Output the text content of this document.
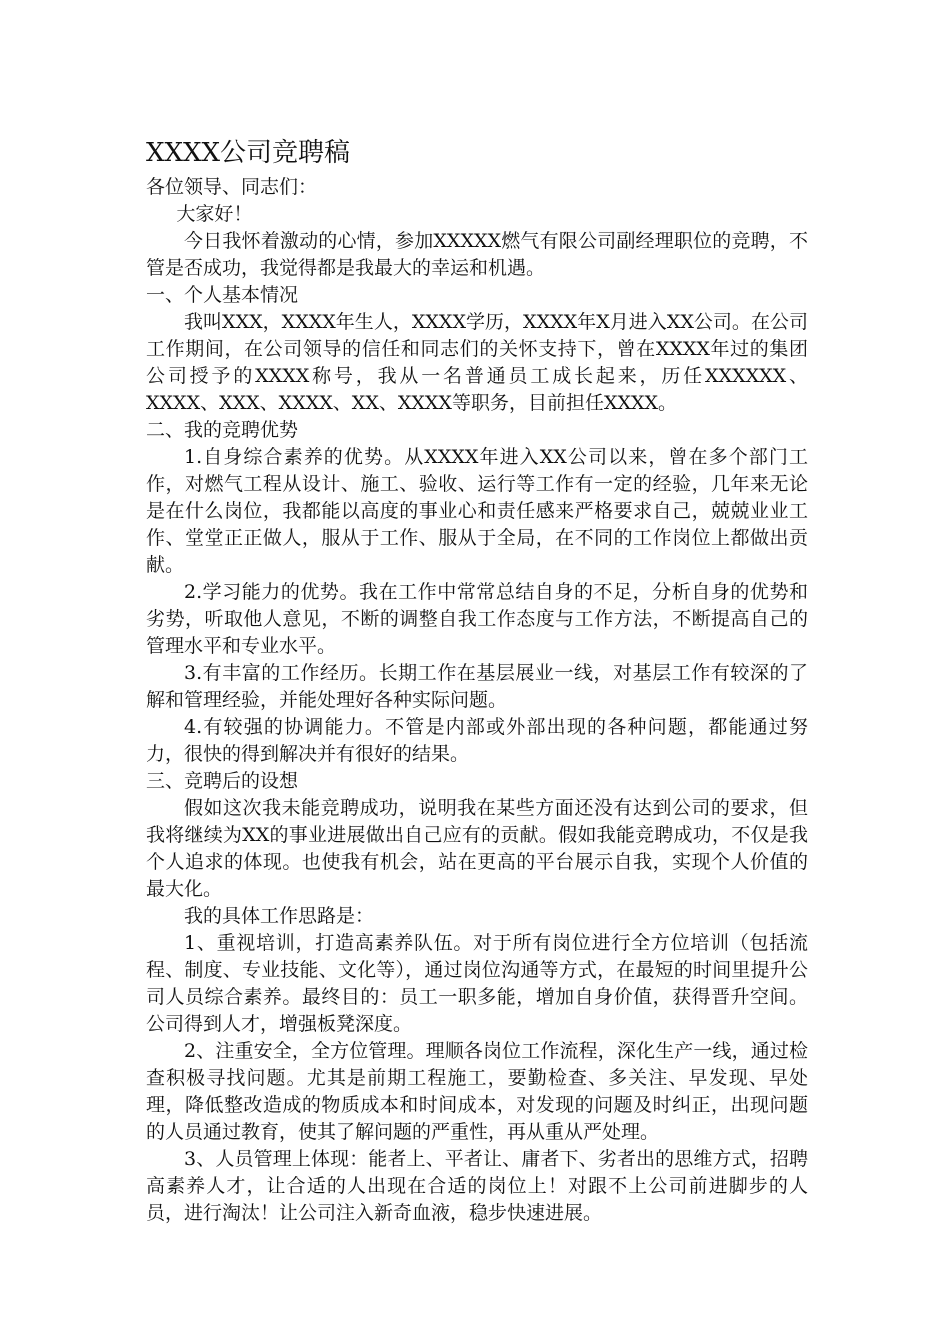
XXXX公司竞聘稿

各位领导、同志们：

大家好！

今日我怀着激动的心情，参加XXXXX燃气有限公司副经理职位的竞聘，不管是否成功，我觉得都是我最大的幸运和机遇。

一、个人基本情况

我叫XXX，XXXX年生人，XXXX学历，XXXX年X月进入XX公司。在公司工作期间，在公司领导的信任和同志们的关怀支持下，曾在XXXX年过的集团公司授予的XXXX称号，我从一名普通员工成长起来，历任XXXXXX、XXXX、XXX、XXXX、XX、XXXX等职务，目前担任XXXX。

二、我的竞聘优势

1.自身综合素养的优势。从XXXX年进入XX公司以来，曾在多个部门工作，对燃气工程从设计、施工、验收、运行等工作有一定的经验，几年来无论是在什么岗位，我都能以高度的事业心和责任感来严格要求自己，兢兢业业工作、堂堂正正做人，服从于工作、服从于全局，在不同的工作岗位上都做出贡献。

2.学习能力的优势。我在工作中常常总结自身的不足，分析自身的优势和劣势，听取他人意见，不断的调整自我工作态度与工作方法，不断提高自己的管理水平和专业水平。

3.有丰富的工作经历。长期工作在基层展业一线，对基层工作有较深的了解和管理经验，并能处理好各种实际问题。

4.有较强的协调能力。不管是内部或外部出现的各种问题，都能通过努力，很快的得到解决并有很好的结果。

三、竞聘后的设想

假如这次我未能竞聘成功，说明我在某些方面还没有达到公司的要求，但我将继续为XX的事业进展做出自己应有的贡献。假如我能竞聘成功，不仅是我个人追求的体现。也使我有机会，站在更高的平台展示自我，实现个人价值的最大化。

我的具体工作思路是：

1、重视培训，打造高素养队伍。对于所有岗位进行全方位培训（包括流程、制度、专业技能、文化等），通过岗位沟通等方式，在最短的时间里提升公司人员综合素养。最终目的：员工一职多能，增加自身价值，获得晋升空间。公司得到人才，增强板凳深度。

2、注重安全，全方位管理。理顺各岗位工作流程，深化生产一线，通过检查积极寻找问题。尤其是前期工程施工，要勤检查、多关注、早发现、早处理，降低整改造成的物质成本和时间成本，对发现的问题及时纠正，出现问题的人员通过教育，使其了解问题的严重性，再从重从严处理。

3、人员管理上体现：能者上、平者让、庸者下、劣者出的思维方式，招聘高素养人才，让合适的人出现在合适的岗位上！对跟不上公司前进脚步的人员，进行淘汰！让公司注入新奇血液，稳步快速进展。
